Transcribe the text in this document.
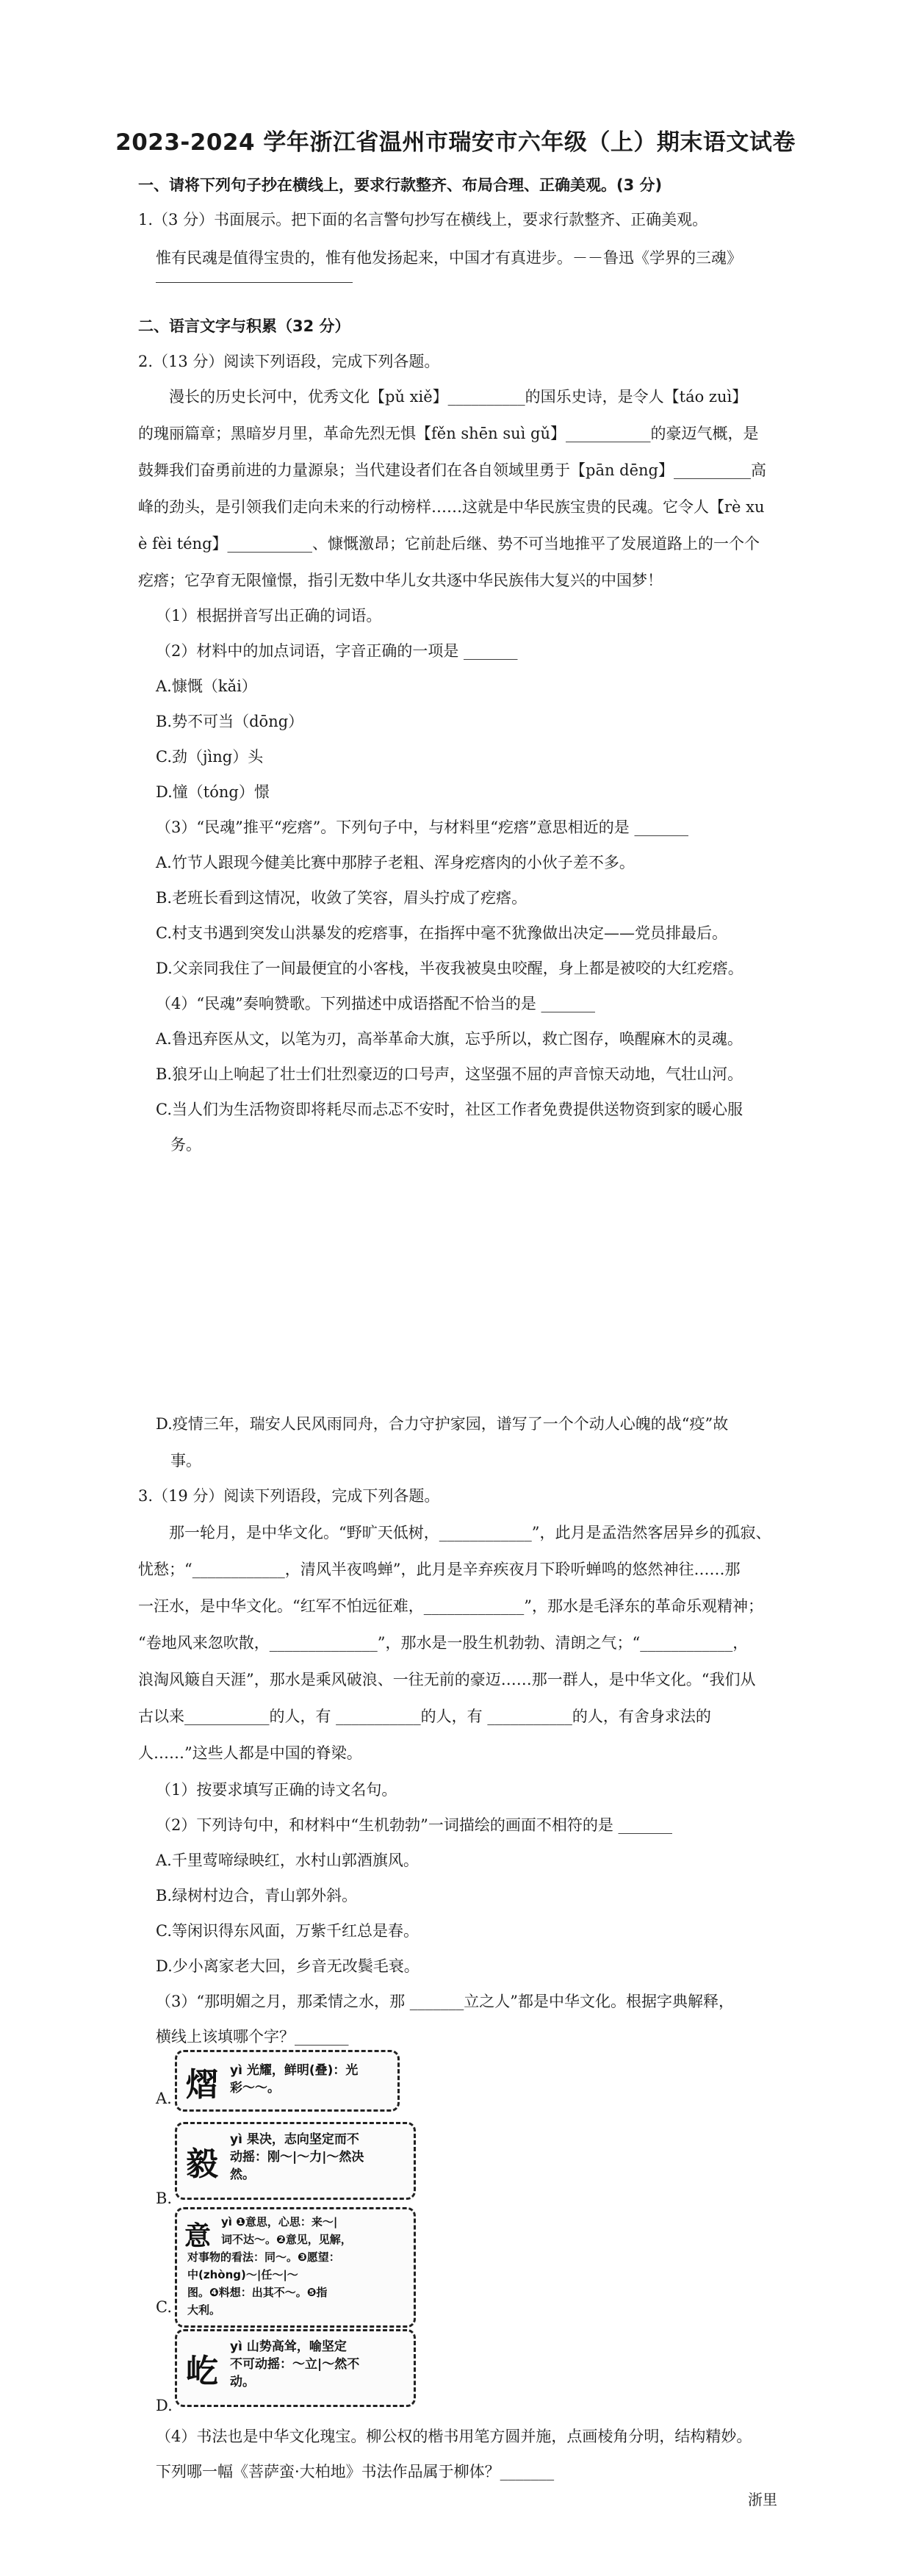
2023-2024 学年浙江省温州市瑞安市六年级（上）期末语文试卷
一、请将下列句子抄在横线上，要求行款整齐、布局合理、正确美观。(3 分)
1.（3 分）书面展示。把下面的名言警句抄写在横线上，要求行款整齐、正确美观。
惟有民魂是值得宝贵的，惟有他发扬起来，中国才有真进步。－－鲁迅《学界的三魂》
二、语言文字与积累（32 分）
2.（13 分）阅读下列语段，完成下列各题。
漫长的历史长河中，优秀文化【pǔ xiě】__________的国乐史诗，是令人【táo zuì】
的瑰丽篇章；黑暗岁月里，革命先烈无惧【fěn shēn suì gǔ】___________的豪迈气概，是
鼓舞我们奋勇前进的力量源泉；当代建设者们在各自领域里勇于【pān dēng】__________高
峰的劲头，是引领我们走向未来的行动榜样……这就是中华民族宝贵的民魂。它令人【rè xu
è fèi téng】___________、慷慨激昂；它前赴后继、势不可当地推平了发展道路上的一个个
疙瘩；它孕育无限憧憬，指引无数中华儿女共逐中华民族伟大复兴的中国梦！
（1）根据拼音写出正确的词语。
（2）材料中的加点词语，字音正确的一项是 _______
A.慷慨（kǎi）
B.势不可当（dōng）
C.劲（jìng）头
D.憧（tóng）憬
（3）“民魂”推平“疙瘩”。下列句子中，与材料里“疙瘩”意思相近的是 _______
A.竹节人跟现今健美比赛中那脖子老粗、浑身疙瘩肉的小伙子差不多。
B.老班长看到这情况，收敛了笑容，眉头拧成了疙瘩。
C.村支书遇到突发山洪暴发的疙瘩事，在指挥中毫不犹豫做出决定——党员排最后。
D.父亲同我住了一间最便宜的小客栈，半夜我被臭虫咬醒，身上都是被咬的大红疙瘩。
（4）“民魂”奏响赞歌。下列描述中成语搭配不恰当的是 _______
A.鲁迅弃医从文，以笔为刃，高举革命大旗，忘乎所以，救亡图存，唤醒麻木的灵魂。
B.狼牙山上响起了壮士们壮烈豪迈的口号声，这坚强不屈的声音惊天动地，气壮山河。
C.当人们为生活物资即将耗尽而忐忑不安时，社区工作者免费提供送物资到家的暖心服
务。
D.疫情三年，瑞安人民风雨同舟，合力守护家园，谱写了一个个动人心魄的战“疫”故
事。
3.（19 分）阅读下列语段，完成下列各题。
那一轮月，是中华文化。“野旷天低树，____________”，此月是孟浩然客居异乡的孤寂、
忧愁；“____________，清风半夜鸣蝉”，此月是辛弃疾夜月下聆听蝉鸣的悠然神往……那
一汪水，是中华文化。“红军不怕远征难，_____________”，那水是毛泽东的革命乐观精神；
“卷地风来忽吹散，______________”，那水是一股生机勃勃、清朗之气；“____________，
浪淘风簸自天涯”，那水是乘风破浪、一往无前的豪迈……那一群人，是中华文化。“我们从
古以来___________的人，有 ___________的人，有 ___________的人，有舍身求法的
人……”这些人都是中国的脊梁。
（1）按要求填写正确的诗文名句。
（2）下列诗句中，和材料中“生机勃勃”一词描绘的画面不相符的是 _______
A.千里莺啼绿映红，水村山郭酒旗风。
B.绿树村边合，青山郭外斜。
C.等闲识得东风面，万紫千红总是春。
D.少小离家老大回，乡音无改鬓毛衰。
（3）“那明媚之月，那柔情之水，那 _______立之人”都是中华文化。根据字典解释，
横线上该填哪个字？_______
A. 熠 yì 光耀，鲜明(叠)：光
彩～～。
B.
毅
yì 果决，志向坚定而不
动摇：刚～|～力|～然决
然。
C.
意 yì ❶意思，心思：来～|
词不达～。❷意见，见解，
对事物的看法：同～。❸愿望：
中(zhòng)～|任～|～
图。❹料想：出其不～。❺指
大利。
D.
屹
yì 山势高耸，喻坚定
不可动摇：～立|～然不
动。
（4）书法也是中华文化瑰宝。柳公权的楷书用笔方圆并施，点画棱角分明，结构精妙。
下列哪一幅《菩萨蛮·大柏地》书法作品属于柳体？_______
浙里
